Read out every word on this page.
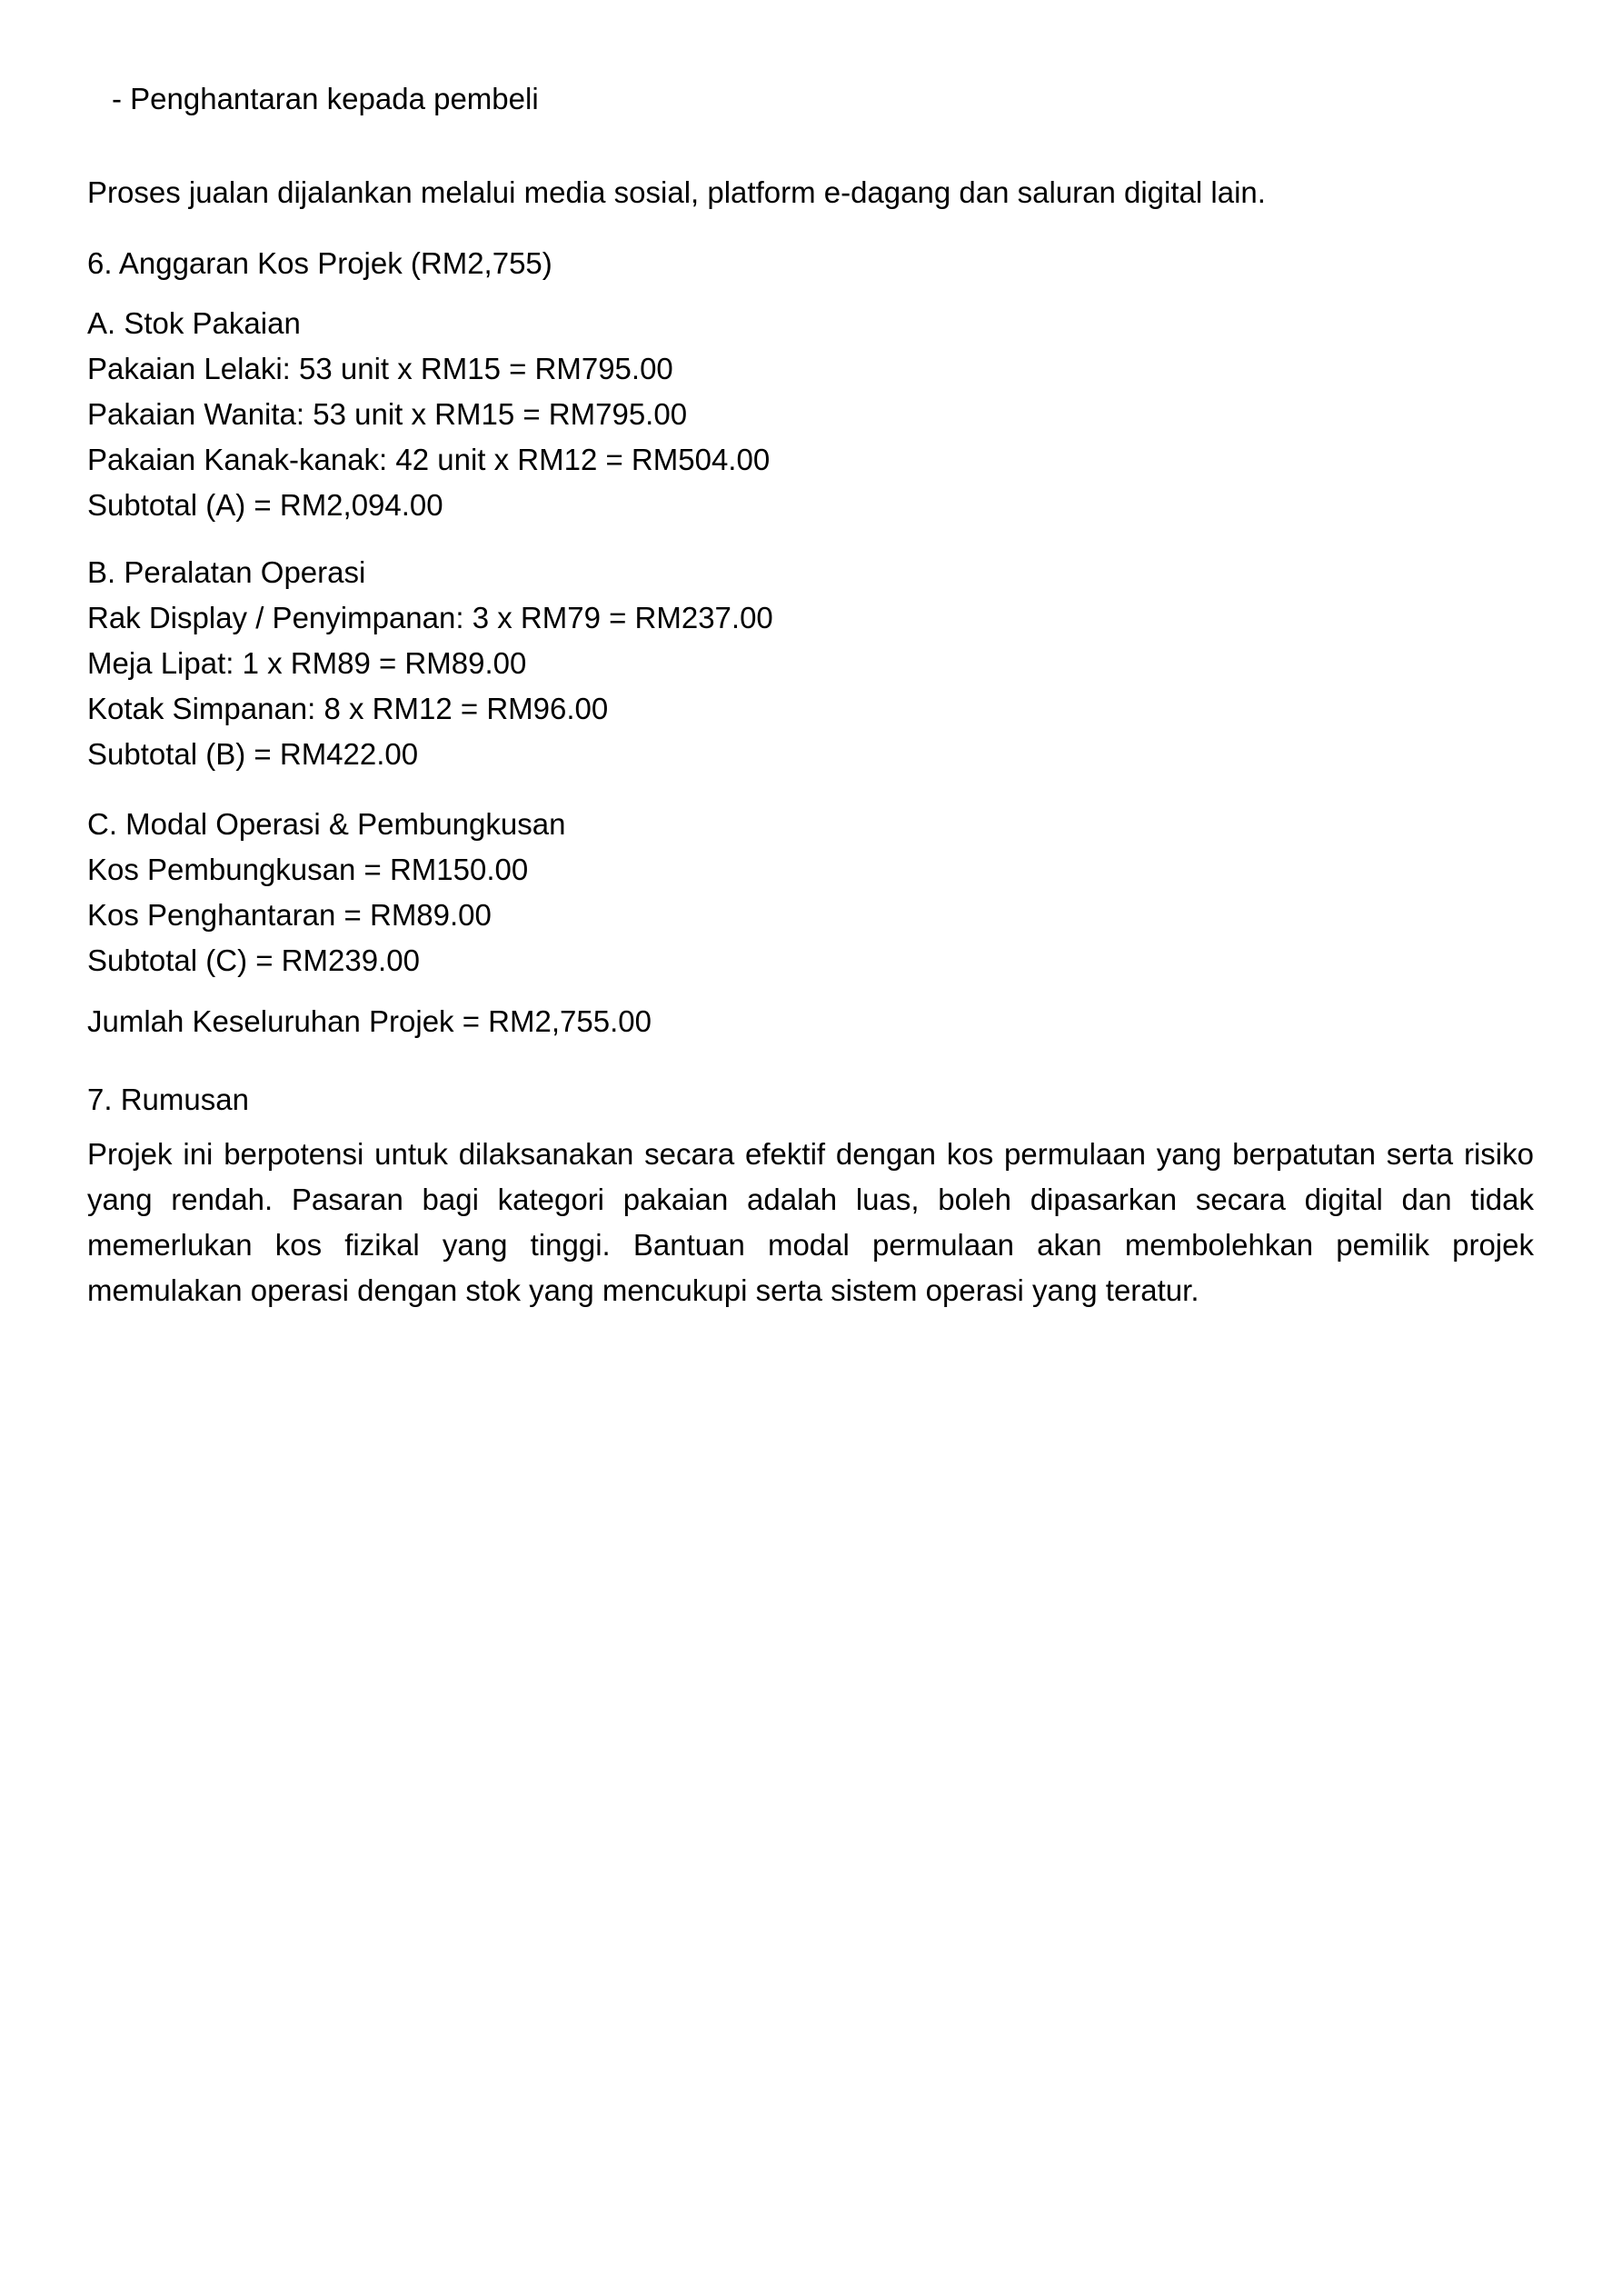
- Penghantaran kepada pembeli

Proses jualan dijalankan melalui media sosial, platform e-dagang dan saluran digital lain.

6. Anggaran Kos Projek (RM2,755)
A. Stok Pakaian
Pakaian Lelaki: 53 unit x RM15 = RM795.00
Pakaian Wanita: 53 unit x RM15 = RM795.00
Pakaian Kanak-kanak: 42 unit x RM12 = RM504.00
Subtotal (A) = RM2,094.00
B. Peralatan Operasi
Rak Display / Penyimpanan: 3 x RM79 = RM237.00
Meja Lipat: 1 x RM89 = RM89.00
Kotak Simpanan: 8 x RM12 = RM96.00
Subtotal (B) = RM422.00
C. Modal Operasi & Pembungkusan
Kos Pembungkusan = RM150.00
Kos Penghantaran = RM89.00
Subtotal (C) = RM239.00

Jumlah Keseluruhan Projek = RM2,755.00

7. Rumusan

Projek ini berpotensi untuk dilaksanakan secara efektif dengan kos permulaan yang berpatutan serta risiko yang rendah. Pasaran bagi kategori pakaian adalah luas, boleh dipasarkan secara digital dan tidak memerlukan kos fizikal yang tinggi. Bantuan modal permulaan akan membolehkan pemilik projek memulakan operasi dengan stok yang mencukupi serta sistem operasi yang teratur.
